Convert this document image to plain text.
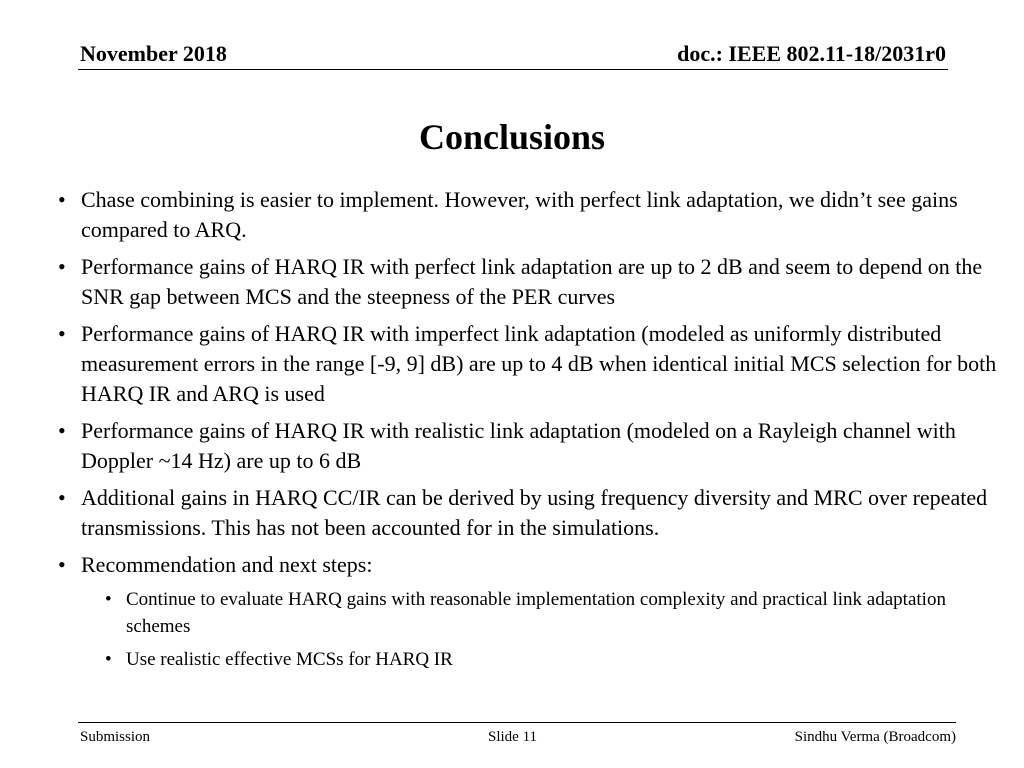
November 2018	doc.: IEEE 802.11-18/2031r0
Conclusions
• Chase combining is easier to implement. However, with perfect link adaptation, we didn’t see gains compared to ARQ.
• Performance gains of HARQ IR with perfect link adaptation are up to 2 dB and seem to depend on the SNR gap between MCS and the steepness of the PER curves
• Performance gains of HARQ IR with imperfect link adaptation (modeled as uniformly distributed measurement errors in the range [-9, 9] dB) are up to 4 dB when identical initial MCS selection for both HARQ IR and ARQ is used
• Performance gains of HARQ IR with realistic link adaptation (modeled on a Rayleigh channel with Doppler ~14 Hz) are up to 6 dB
• Additional gains in HARQ CC/IR can be derived by using frequency diversity and MRC over repeated transmissions. This has not been accounted for in the simulations.
• Recommendation and next steps:
• Continue to evaluate HARQ gains with reasonable implementation complexity and practical link adaptation schemes
• Use realistic effective MCSs for HARQ IR
Submission	Slide 11	Sindhu Verma (Broadcom)
